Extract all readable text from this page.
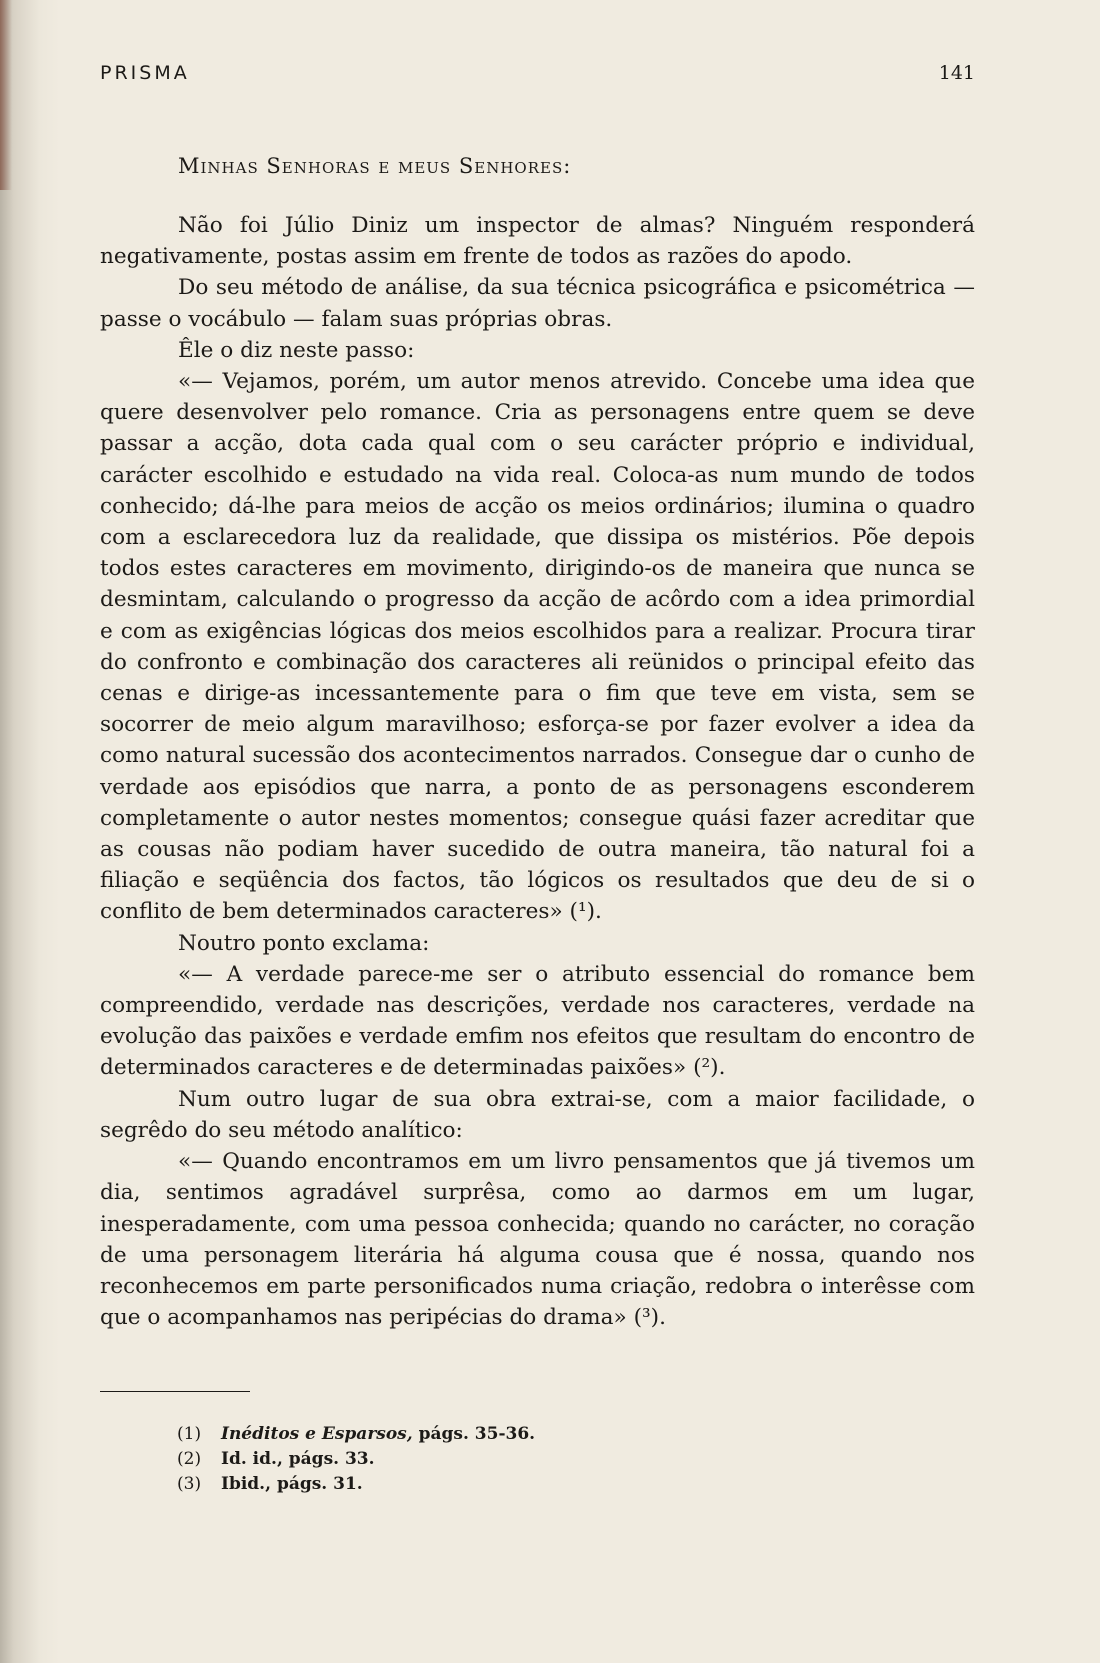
PRISMA	141
Minhas Senhoras e meus Senhores:

Não foi Júlio Diniz um inspector de almas? Ninguém responderá negativamente, postas assim em frente de todos as razões do apodo.

Do seu método de análise, da sua técnica psicográfica e psicométrica — passe o vocábulo — falam suas próprias obras.

Êle o diz neste passo:

«— Vejamos, porém, um autor menos atrevido. Concebe uma idea que quere desenvolver pelo romance. Cria as personagens entre quem se deve passar a acção, dota cada qual com o seu carácter próprio e individual, carácter escolhido e estudado na vida real. Coloca-as num mundo de todos conhecido; dá-lhe para meios de acção os meios ordinários; ilumina o quadro com a esclarecedora luz da realidade, que dissipa os mistérios. Põe depois todos estes caracteres em movimento, dirigindo-os de maneira que nunca se desmintam, calculando o progresso da acção de acôrdo com a idea primordial e com as exigências lógicas dos meios escolhidos para a realizar. Procura tirar do confronto e combinação dos caracteres ali reünidos o principal efeito das cenas e dirige-as incessantemente para o fim que teve em vista, sem se socorrer de meio algum maravilhoso; esforça-se por fazer evolver a idea da como natural sucessão dos acontecimentos narrados. Consegue dar o cunho de verdade aos episódios que narra, a ponto de as personagens esconderem completamente o autor nestes momentos; consegue quási fazer acreditar que as cousas não podiam haver sucedido de outra maneira, tão natural foi a filiação e seqüência dos factos, tão lógicos os resultados que deu de si o conflito de bem determinados caracteres» (¹).

Noutro ponto exclama:

«— A verdade parece-me ser o atributo essencial do romance bem compreendido, verdade nas descrições, verdade nos caracteres, verdade na evolução das paixões e verdade emfim nos efeitos que resultam do encontro de determinados caracteres e de determinadas paixões» (²).

Num outro lugar de sua obra extrai-se, com a maior facilidade, o segrêdo do seu método analítico:

«— Quando encontramos em um livro pensamentos que já tivemos um dia, sentimos agradável surprêsa, como ao darmos em um lugar, inesperadamente, com uma pessoa conhecida; quando no carácter, no coração de uma personagem literária há alguma cousa que é nossa, quando nos reconhecemos em parte personificados numa criação, redobra o interêsse com que o acompanhamos nas peripécias do drama» (³).

(1)	Inéditos e Esparsos, págs. 35-36.
(2)	Id. id., págs. 33.
(3)	Ibid., págs. 31.
